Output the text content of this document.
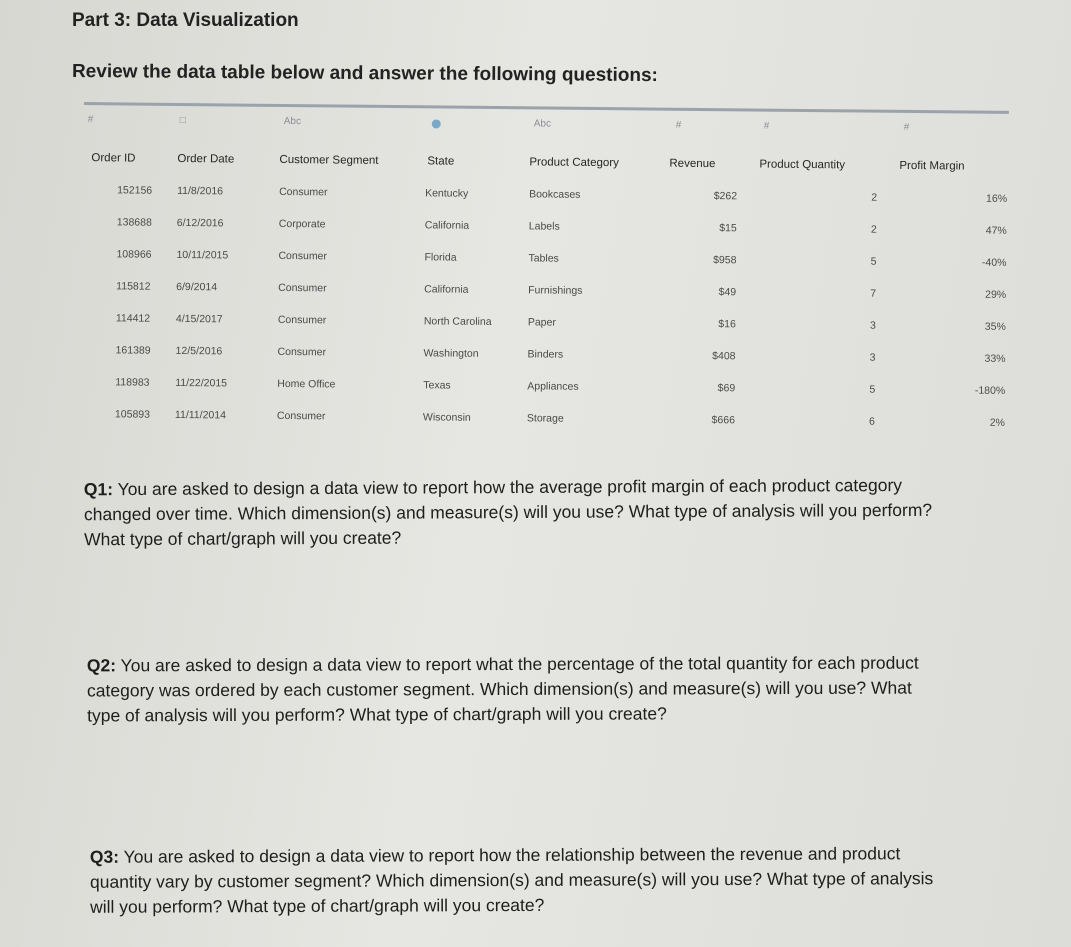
Part 3: Data Visualization
Review the data table below and answer the following questions:
#	□	Abc	Abc	#	#	#
Order ID	Order Date	Customer Segment	State	Product Category	Revenue	Product Quantity	Profit Margin
152156 11/8/2016	Consumer	Kentucky	Bookcases	$262	2	16%
138688 6/12/2016	Corporate	California	Labels	$15	2	47%
108966 10/11/2015	Consumer	Florida	Tables	$958	5	-40%
115812 6/9/2014	Consumer	California	Furnishings	$49	7	29%
114412 4/15/2017	Consumer	North Carolina	Paper	$16	3	35%
161389 12/5/2016	Consumer	Washington	Binders	$408	3	33%
118983 11/22/2015	Home Office	Texas	Appliances	$69	5	-180%
105893 11/11/2014	Consumer	Wisconsin	Storage	$666	6	2%
Q1: You are asked to design a data view to report how the average profit margin of each product category changed over time. Which dimension(s) and measure(s) will you use? What type of analysis will you perform? What type of chart/graph will you create?
Q2: You are asked to design a data view to report what the percentage of the total quantity for each product category was ordered by each customer segment. Which dimension(s) and measure(s) will you use? What type of analysis will you perform? What type of chart/graph will you create?
Q3: You are asked to design a data view to report how the relationship between the revenue and product quantity vary by customer segment? Which dimension(s) and measure(s) will you use? What type of analysis will you perform? What type of chart/graph will you create?
